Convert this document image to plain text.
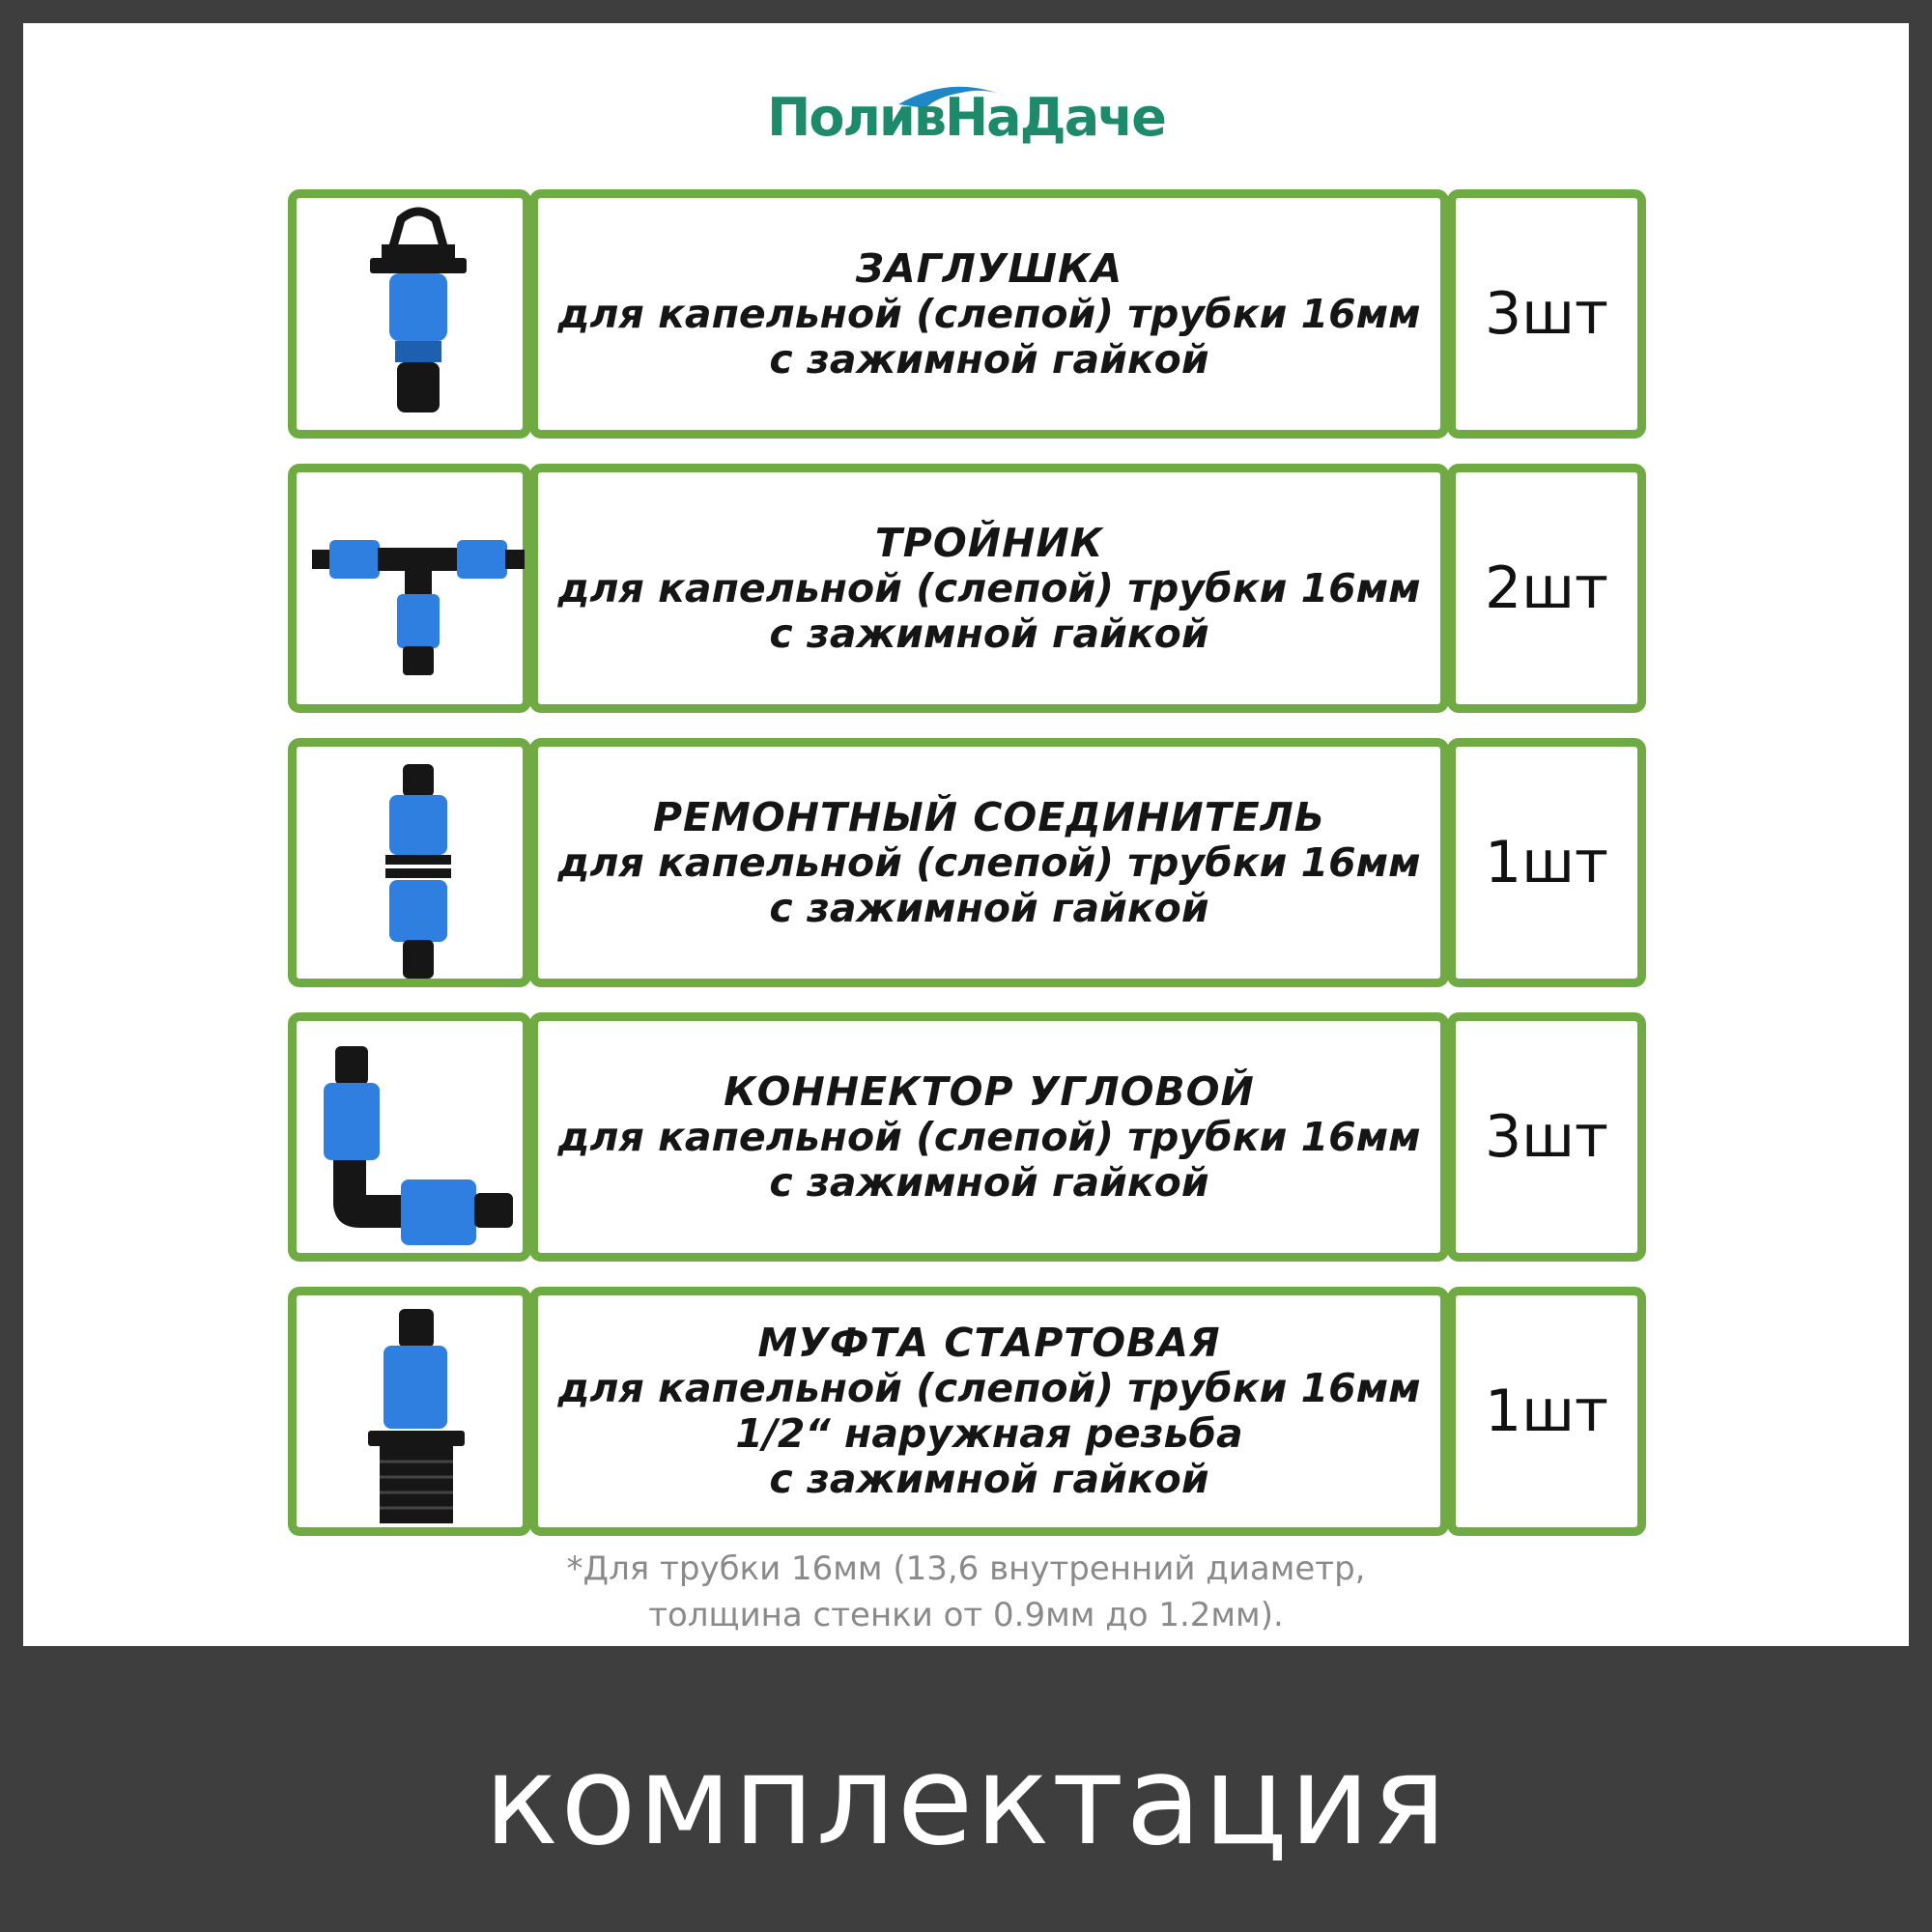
ПоливНаДаче
ЗАГЛУШКА
для капельной (слепой) трубки 16мм
с зажимной гайкой
3шт
ТРОЙНИК
для капельной (слепой) трубки 16мм
с зажимной гайкой
2шт
РЕМОНТНЫЙ СОЕДИНИТЕЛЬ
для капельной (слепой) трубки 16мм
с зажимной гайкой
1шт
КОННЕКТОР УГЛОВОЙ
для капельной (слепой) трубки 16мм
с зажимной гайкой
3шт
МУФТА СТАРТОВАЯ
для капельной (слепой) трубки 16мм
1/2“ наружная резьба
с зажимной гайкой
1шт
*Для трубки 16мм (13,6 внутренний диаметр,
толщина стенки от 0.9мм до 1.2мм).
комплектация
